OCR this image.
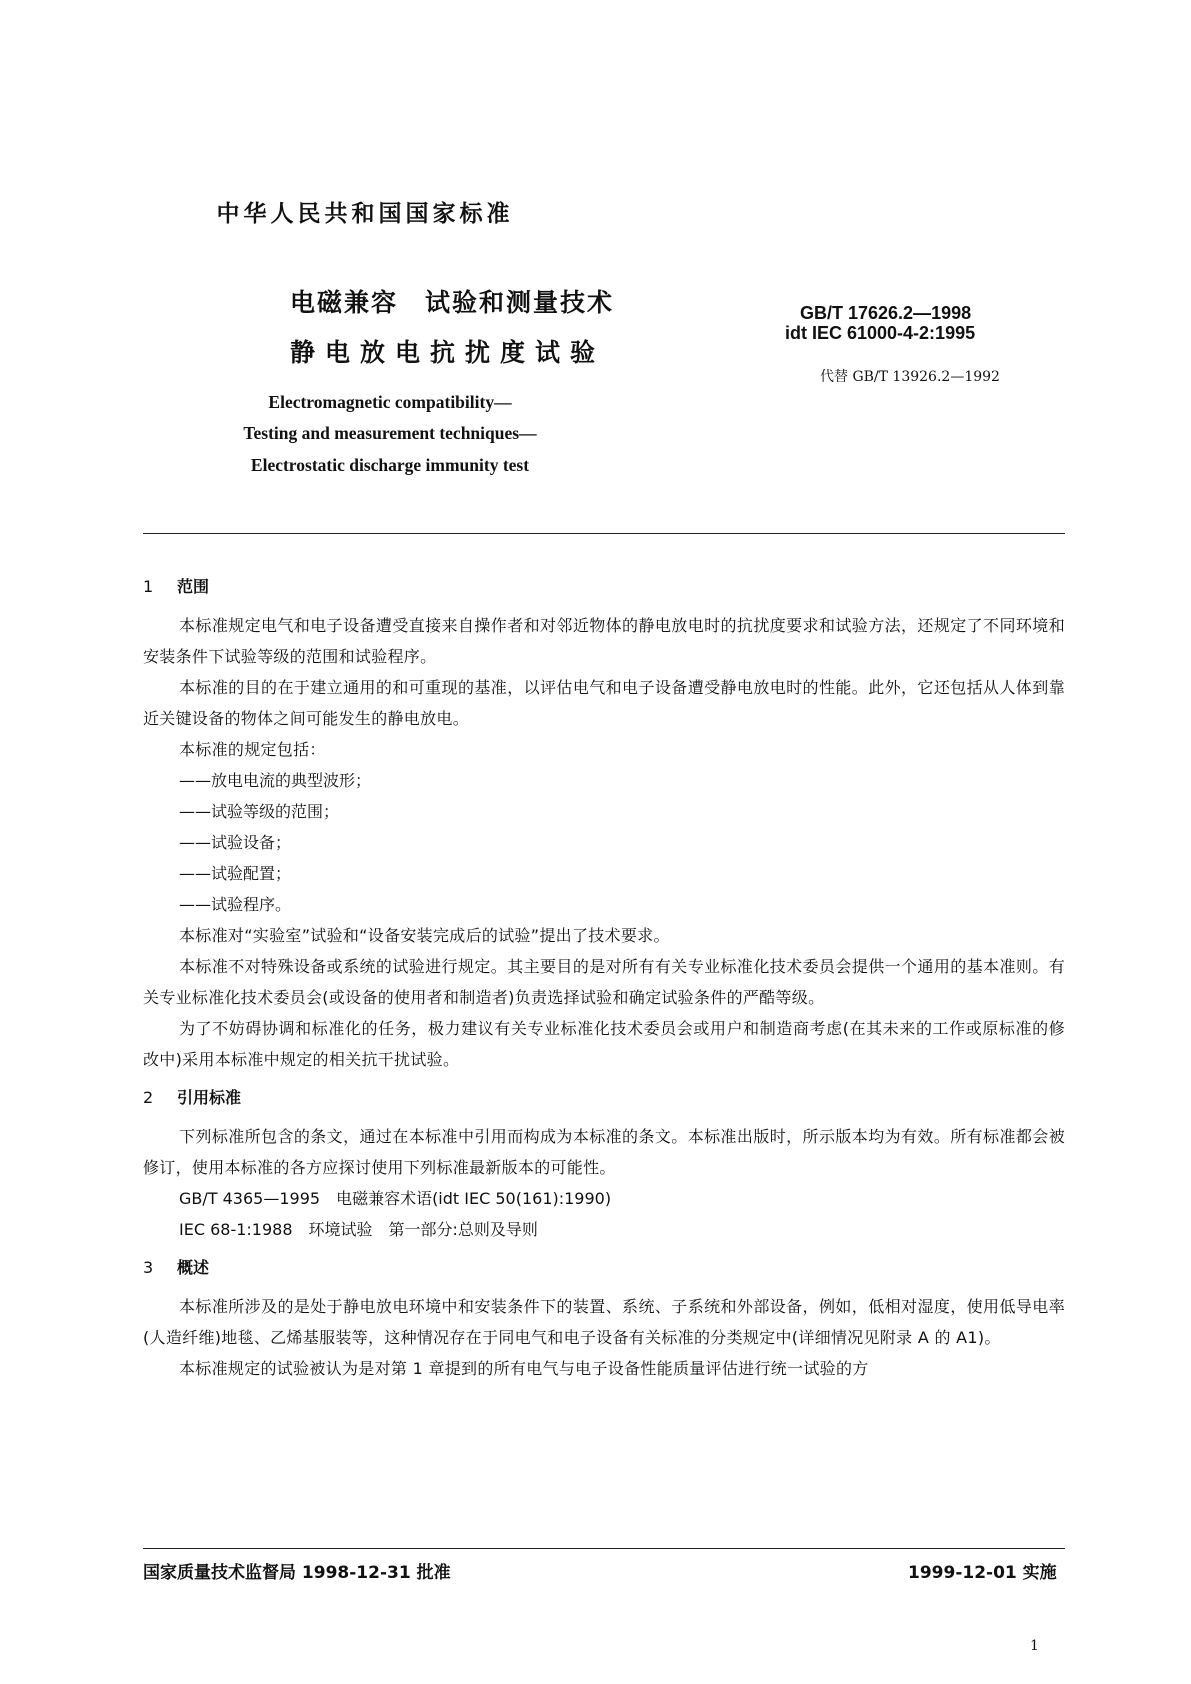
中华人民共和国国家标准
电磁兼容　试验和测量技术
静电放电抗扰度试验
GB/T 17626.2—1998
idt IEC 61000-4-2:1995
代替 GB/T 13926.2—1992
Electromagnetic compatibility—
Testing and measurement techniques—
Electrostatic discharge immunity test
1 范围

本标准规定电气和电子设备遭受直接来自操作者和对邻近物体的静电放电时的抗扰度要求和试验方法，还规定了不同环境和安装条件下试验等级的范围和试验程序。

本标准的目的在于建立通用的和可重现的基准，以评估电气和电子设备遭受静电放电时的性能。此外，它还包括从人体到靠近关键设备的物体之间可能发生的静电放电。

本标准的规定包括：

——放电电流的典型波形；

——试验等级的范围；

——试验设备；

——试验配置；

——试验程序。

本标准对“实验室”试验和“设备安装完成后的试验”提出了技术要求。

本标准不对特殊设备或系统的试验进行规定。其主要目的是对所有有关专业标准化技术委员会提供一个通用的基本准则。有关专业标准化技术委员会(或设备的使用者和制造者)负责选择试验和确定试验条件的严酷等级。

为了不妨碍协调和标准化的任务，极力建议有关专业标准化技术委员会或用户和制造商考虑(在其未来的工作或原标准的修改中)采用本标准中规定的相关抗干扰试验。

2 引用标准

下列标准所包含的条文，通过在本标准中引用而构成为本标准的条文。本标准出版时，所示版本均为有效。所有标准都会被修订，使用本标准的各方应探讨使用下列标准最新版本的可能性。

GB/T 4365—1995　电磁兼容术语(idt IEC 50(161):1990)

IEC 68-1:1988　环境试验　第一部分:总则及导则

3 概述

本标准所涉及的是处于静电放电环境中和安装条件下的装置、系统、子系统和外部设备，例如，低相对湿度，使用低导电率(人造纤维)地毯、乙烯基服装等，这种情况存在于同电气和电子设备有关标准的分类规定中(详细情况见附录 A 的 A1)。

本标准规定的试验被认为是对第 1 章提到的所有电气与电子设备性能质量评估进行统一试验的方

国家质量技术监督局 1998-12-31 批准	1999-12-01 实施
1
